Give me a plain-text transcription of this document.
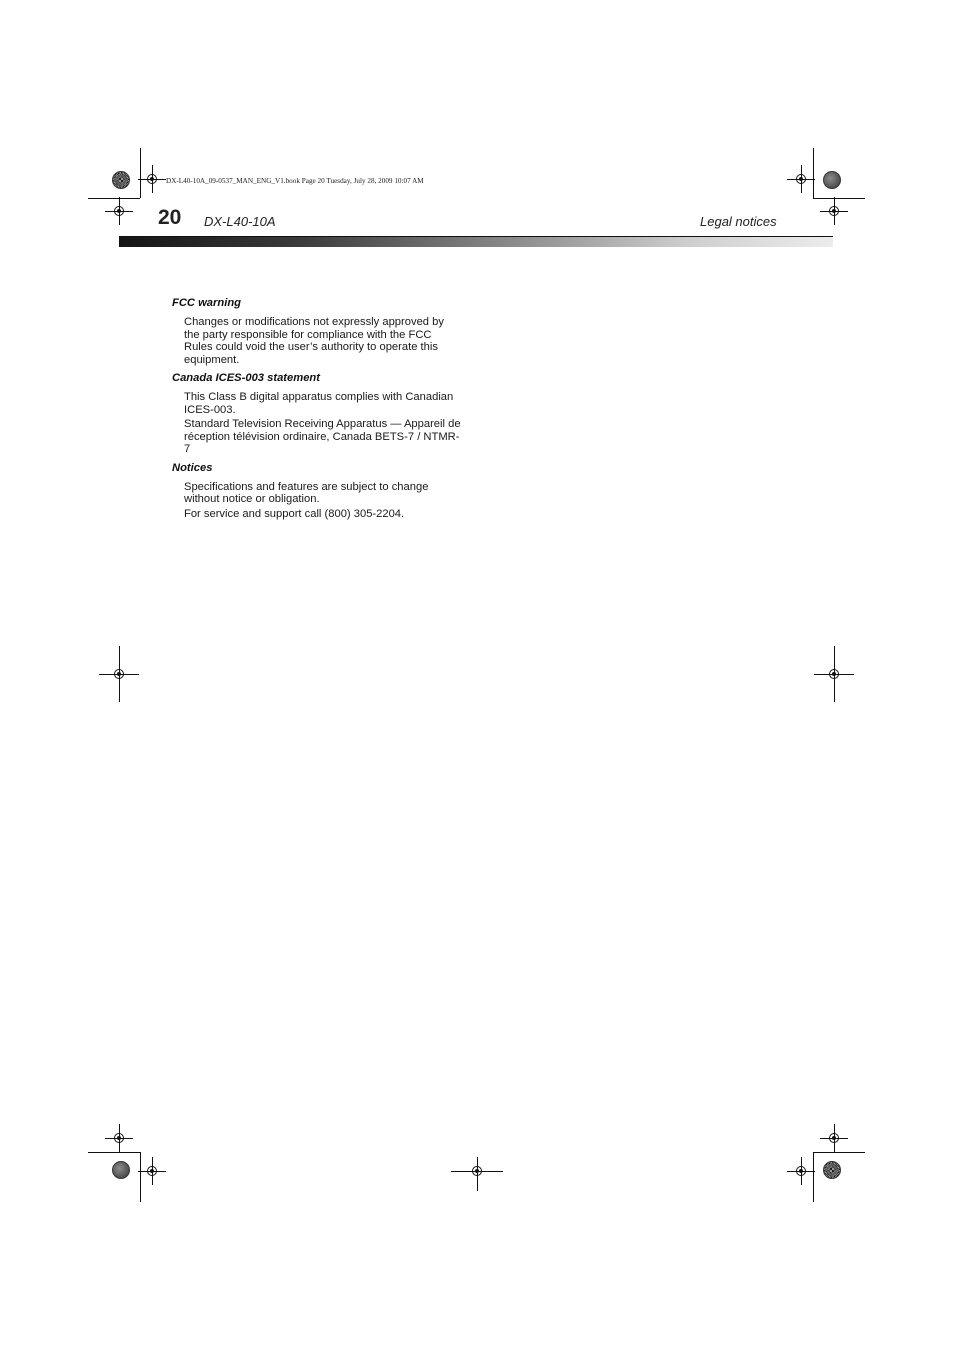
DX-L40-10A_09-0537_MAN_ENG_V1.book Page 20 Tuesday, July 28, 2009 10:07 AM
20 DX-L40-10A	Legal notices
FCC warning

Changes or modifications not expressly approved by the party responsible for compliance with the FCC Rules could void the user’s authority to operate this equipment.

Canada ICES-003 statement

This Class B digital apparatus complies with Canadian ICES-003.

Standard Television Receiving Apparatus — Appareil de réception télévision ordinaire, Canada BETS-7 / NTMR-7

Notices

Specifications and features are subject to change without notice or obligation.

For service and support call (800) 305-2204.
